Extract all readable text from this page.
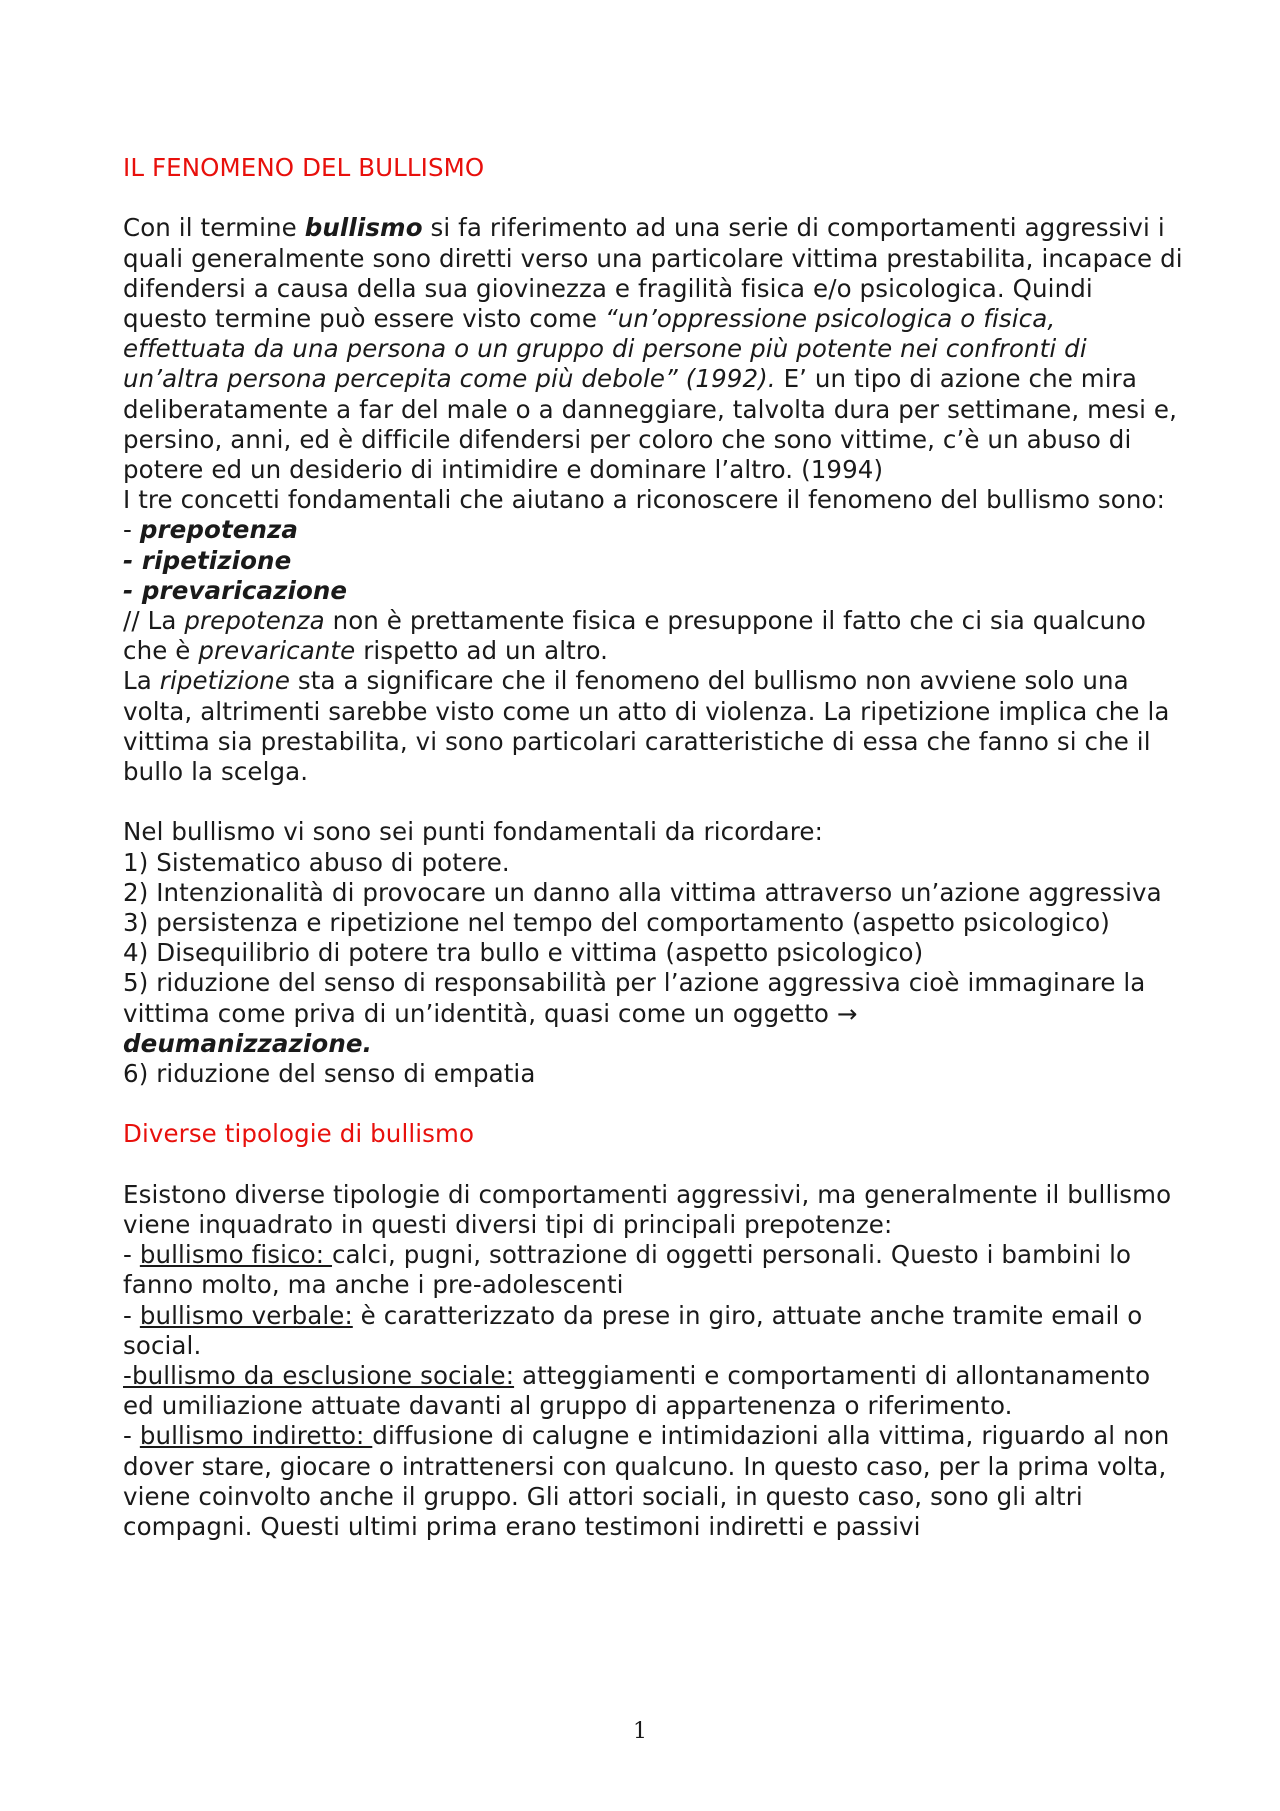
IL FENOMENO DEL BULLISMO

Con il termine bullismo si fa riferimento ad una serie di comportamenti aggressivi i quali generalmente sono diretti verso una particolare vittima prestabilita, incapace di difendersi a causa della sua giovinezza e fragilità fisica e/o psicologica. Quindi questo termine può essere visto come “un’oppressione psicologica o fisica, effettuata da una persona o un gruppo di persone più potente nei confronti di un’altra persona percepita come più debole” (1992). E’ un tipo di azione che mira deliberatamente a far del male o a danneggiare, talvolta dura per settimane, mesi e, persino, anni, ed è difficile difendersi per coloro che sono vittime, c’è un abuso di potere ed un desiderio di intimidire e dominare l’altro. (1994)

I tre concetti fondamentali che aiutano a riconoscere il fenomeno del bullismo sono:

- prepotenza

- ripetizione

- prevaricazione

// La prepotenza non è prettamente fisica e presuppone il fatto che ci sia qualcuno che è prevaricante rispetto ad un altro.

La ripetizione sta a significare che il fenomeno del bullismo non avviene solo una volta, altrimenti sarebbe visto come un atto di violenza. La ripetizione implica che la vittima sia prestabilita, vi sono particolari caratteristiche di essa che fanno si che il bullo la scelga.

Nel bullismo vi sono sei punti fondamentali da ricordare:

1) Sistematico abuso di potere.

2) Intenzionalità di provocare un danno alla vittima attraverso un’azione aggressiva

3) persistenza e ripetizione nel tempo del comportamento (aspetto psicologico)

4) Disequilibrio di potere tra bullo e vittima (aspetto psicologico)

5) riduzione del senso di responsabilità per l’azione aggressiva cioè immaginare la vittima come priva di un’identità, quasi come un oggetto →
deumanizzazione.

6) riduzione del senso di empatia

Diverse tipologie di bullismo

Esistono diverse tipologie di comportamenti aggressivi, ma generalmente il bullismo viene inquadrato in questi diversi tipi di principali prepotenze:

- bullismo fisico: calci, pugni, sottrazione di oggetti personali. Questo i bambini lo fanno molto, ma anche i pre-adolescenti

- bullismo verbale: è caratterizzato da prese in giro, attuate anche tramite email o social.

-bullismo da esclusione sociale: atteggiamenti e comportamenti di allontanamento ed umiliazione attuate davanti al gruppo di appartenenza o riferimento.

- bullismo indiretto: diffusione di calugne e intimidazioni alla vittima, riguardo al non dover stare, giocare o intrattenersi con qualcuno. In questo caso, per la prima volta, viene coinvolto anche il gruppo. Gli attori sociali, in questo caso, sono gli altri compagni. Questi ultimi prima erano testimoni indiretti e passivi

1
